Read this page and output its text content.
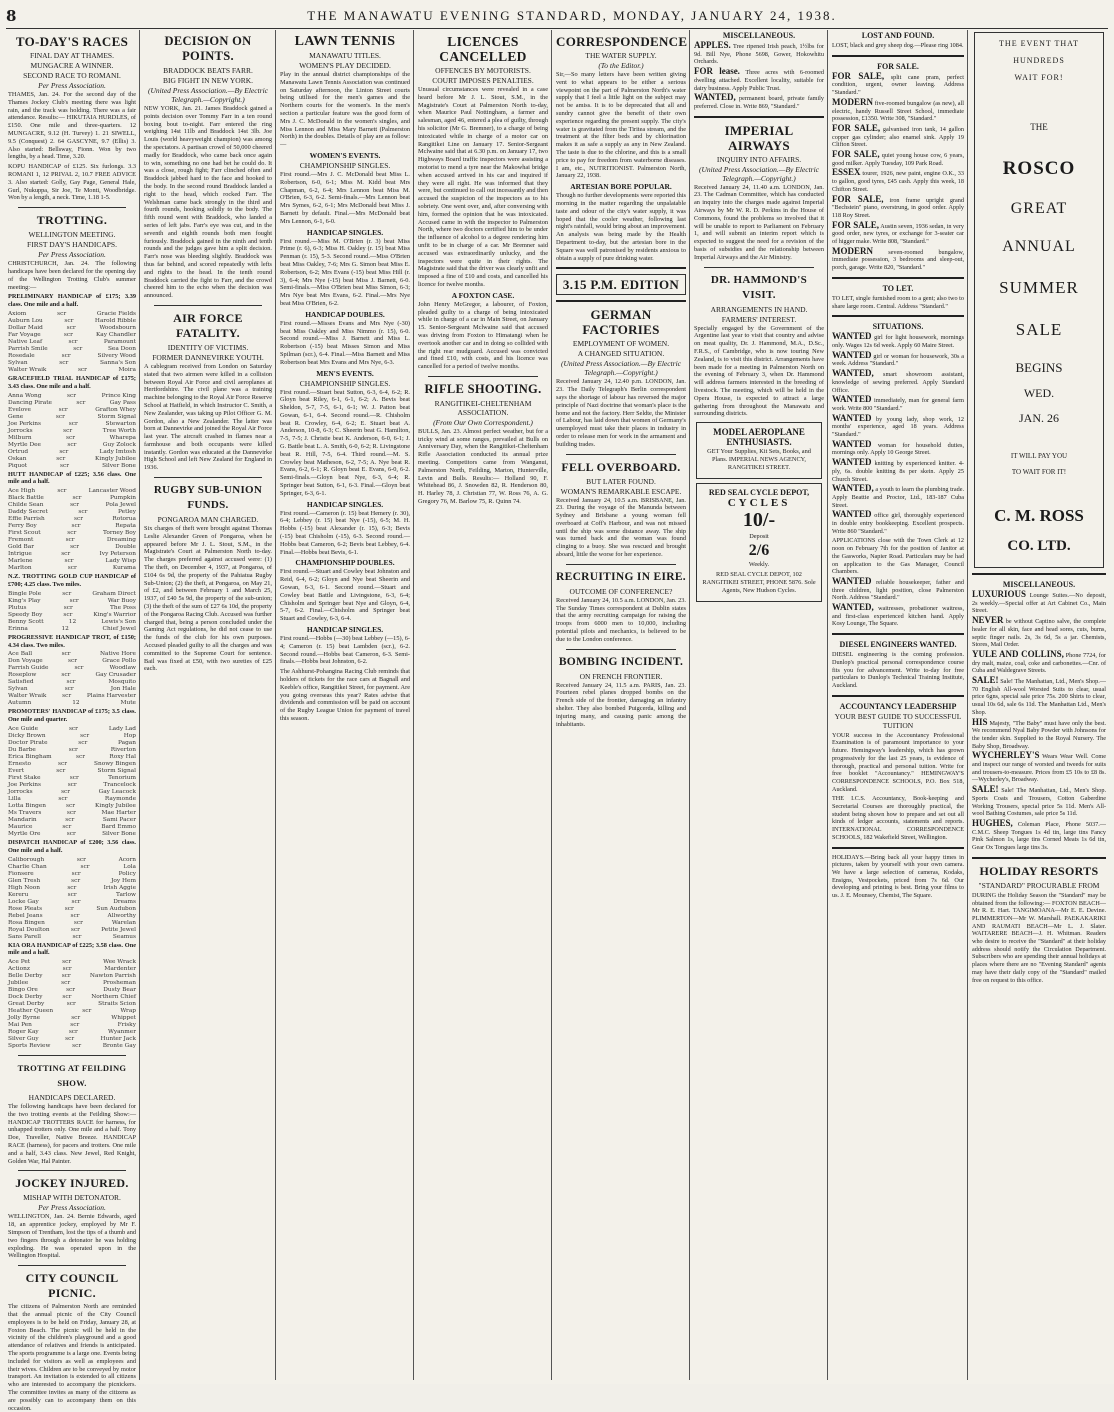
8	THE MANAWATU EVENING STANDARD, MONDAY, JANUARY 24, 1938.
TO-DAY'S RACES
FINAL DAY AT THAMES.
MUNGACRE A WINNER.
SECOND RACE TO ROMANI.
Per Press Association.
THAMES, Jan. 24. For the second day of the Thames Jockey Club's meeting there was light rain, and the track was holding. There was a fair attendance. Results:— HIKUTAIA HURDLES, of £150. One mile and three-quarters. 12 MUNGACRE, 9.12 (H. Turvey) 1. 21 SIWELL, 9.5 (Conquest) 2. 64 GASCYNE, 9.7 (Ellis) 3. Also started: Bellsway, Fionn. Won by two lengths, by a head. Time, 3.20.
KOPU HANDICAP of £125. Six furlongs. 3.3 ROMANI 1, 12 PRIVAL 2, 10.7 FREE ADVICE 3. Also started: Golly, Gay Page, General Hale, Gurl, Nukuppa, Sir Joe, Te Monti, Woodbridge. Won by a length, a neck. Time, 1.18 1-5.
TROTTING.
WELLINGTON MEETING.
FIRST DAY'S HANDICAPS.
Per Press Association.
CHRISTCHURCH, Jan. 24. The following handicaps have been declared for the opening day of the Wellington Trotting Club's summer meeting:—
PRELIMINARY HANDICAP of £175; 3.39 class. One mile and a half.
Axiom	scr	Gracie Fields
Auburn Lou	scr	Harold Ribble
Dollar Maid	scr	Woodsbourn
Far Voyage	scr	Kay Chandler
Native Leaf	scr	Paramount
Parrish Smile	scr	Sea Doon
Rosedale	scr	Silvery Wood
Sylvan	scr	Sanna's Son
Walter Wraik	scr	Moira
GRACEFIELD TRIAL HANDICAP of £175; 3.43 class. One mile and a half.
Anna Wong	scr	Prince King
Dancing Pirate	scr	Gay Pass
Evelove	scr	Grafton Whey
Gene	scr	Storm Signal
Joe Perkins	scr	Stewarton
Jorrocks	scr	Tree Worth
Milburn	scr	Wharepa
Myrtle Dee	scr	Guy Zolock
Ortrud	scr	Lady Imtosh
Oskan	scr	Kingly Jubilee
Piquot	scr	Silver Bone
HUTT HANDICAP of £225; 3.56 class. One mile and a half.
Ace High	scr	Lancaster Wood
Black Battle	scr	Pumpkin
Childe Sean	scr	Pola Jewel
Daddy Secret	scr	Petley
Effie Parrish	scr	Rotorua
Ferry Boy	scr	Repata
First Scout	scr	Torney Boy
Fremont	scr	Dreaming
Gold Bar	scr	Double
Intrigue	scr	Ivy Peterson
Marlene	scr	Lady Wisp
Marlton	scr	Kurama
N.Z. TROTTING GOLD CUP HANDICAP of £700; 4.25 class. Two miles.
Bingle Pole	scr	Graham Direct
King's Play	scr	War Buoy
Plutus	scr	The Poss
Speedy Boy	scr	King's Warrior
Benny Scott	12	Lewis's Son
Erinna	12	Chief Jewel
PROGRESSIVE HANDICAP TROT, of £150; 4.34 class. Two miles.
Ace Ball	scr	Native Hore
Don Voyage	scr	Grace Pollo
Farrish Guide	scr	Woodlaw
Roseplow	scr	Gay Crusader
Satisfied	scr	Mosquito
Sylvan	scr	Jon Hale
Walter Wraik	scr	Plains Harvester
Autumn	12	Mute
PROMOTERS' HANDICAP of £175; 3.5 class. One mile and quarter.
Ace Guide	scr	Lady Lad
Dicky Brown	scr	Hop
Doctor Pirate	scr	Pagan
Du Barbe	scr	Riverton
Erica Bingham	scr	Roxy Hal
Ernesto	scr	Snowy Bingen
Evert	scr	Storm Signal
First Stake	scr	Tenorium
Joe Perkins	scr	Trancelock
Jorrocks	scr	Gay Leacock
Lilla	scr	Raymonde
Lotta Bingen	scr	Kingly Jubilee
Ms Travers	scr	Mae Harter
Mandarin	scr	Sami Pacer
Maurice	scr	Bard Emmo
Myrtle Ore	scr	Silver Bone
DISPATCH HANDICAP of £200; 3.56 class. One mile and a half.
Caliborough	scr	Acorn
Charlie Chan	scr	Lola
Fionsere	scr	Policy
Glen Tresh	scr	Joy Hem
High Noon	scr	Irish Aggie
Kereru	scr	Tarlow
Locke Gay	scr	Dreams
Rose Pleats	scr	Sun Audubon
Rebel Jeans	scr	Allworthy
Rosa Bingen	scr	Warelan
Royal Doulton	scr	Petite Jewel
Sans Parell	scr	Seamus
KIA ORA HANDICAP of £225; 3.58 class. One mile and a half.
Ace Pet	scr	Wee Wrack
Actionz	scr	Mardenter
Belle Derby	scr	Nawton Parrish
Jubilee	scr	Prosheman
Bingo Ore	scr	Dusty Bear
Dock Derby	scr	Northern Chief
Great Derby	scr	Straits Scion
Heather Queen	scr	Wrap
Jolly Byrne	scr	Whippet
Mai Pen	scr	Frisky
Roger Kay	scr	Wyanmer
Silver Guy	scr	Hunter Jack
Sports Review	scr	Bronte Gay
TROTTING AT FEILDING SHOW.
HANDICAPS DECLARED.
The following handicaps have been declared for the two trotting events at the Feilding Show:— HANDICAP TROTTERS RACE for harness, for unhapped trotters only. One mile and a half. Tony Doe, Traveller, Native Breeze. HANDICAP RACE (harness), for pacers and trotters. One mile and a half, 3.43 class. New Jewel, Red Knight, Golden War, Hal Painter.
JOCKEY INJURED.
MISHAP WITH DETONATOR.
Per Press Association.
WELLINGTON, Jan. 24. Bernie Edwards, aged 18, an apprentice jockey, employed by Mr F. Simpson of Trentham, lost the tips of a thumb and two fingers through a detonator he was holding exploding. He was operated upon in the Wellington Hospital.
CITY COUNCIL PICNIC.
The citizens of Palmerston North are reminded that the annual picnic of the City Council employees is to be held on Friday, January 28, at Foxton Beach. The picnic will be held in the vicinity of the children's playground and a good attendance of relatives and friends is anticipated. The sports programme is a large one. Events being included for visitors as well as employees and their wives. Children are to be conveyed by motor transport. An invitation is extended to all citizens who are interested to accompany the picnickers. The committee invites as many of the citizens as are possibly can to accompany them on this occasion.
DECISION ON POINTS.
BRADDOCK BEATS FARR.
BIG FIGHT IN NEW YORK.
(United Press Association.—By Electric Telegraph.—Copyright.)
NEW YORK, Jan. 21. James Braddock gained a points decision over Tommy Farr in a ten round boxing bout to-night. Farr entered the ring weighing 14st 11lb and Braddock 14st 3lb. Joe Louis (world heavyweight champion) was among the spectators. A partisan crowd of 50,000 cheered madly for Braddock, who came back once again to win, something no one had bet he could do. It was a close, rough fight; Farr clinched often and Braddock jabbed hard to the face and hooked to the body. In the second round Braddock landed a right to the head, which rocked Farr. The Welshman came back strongly in the third and fourth rounds, hooking solidly to the body. The fifth round went with Braddock, who landed a series of left jabs. Farr's eye was cut, and in the seventh and eighth rounds both men fought furiously. Braddock gained in the ninth and tenth rounds and the judges gave him a split decision. Farr's nose was bleeding slightly. Braddock was thus far behind, and scored repeatedly with lefts and rights to the head. In the tenth round Braddock carried the fight to Farr, and the crowd cheered him to the echo when the decision was announced.
AIR FORCE FATALITY.
IDENTITY OF VICTIMS.
FORMER DANNEVIRKE YOUTH.
A cablegram received from London on Saturday stated that two airmen were killed in a collision between Royal Air Force and civil aeroplanes at Hertfordshire. The civil plane was a training machine belonging to the Royal Air Force Reserve School at Hatfield, in which Instructor C. Smith, a New Zealander, was taking up Pilot Officer G. M. Gordon, also a New Zealander. The latter was born at Dannevirke and joined the Royal Air Force last year. The aircraft crashed in flames near a farmhouse and both occupants were killed instantly. Gordon was educated at the Dannevirke High School and left New Zealand for England in 1936.
RUGBY SUB-UNION FUNDS.
PONGAROA MAN CHARGED.
Six charges of theft were brought against Thomas Leslie Alexander Green of Pongaroa, when he appeared before Mr J. L. Stout, S.M., in the Magistrate's Court at Palmerston North to-day. The charges preferred against accused were: (1) The theft, on December 4, 1937, at Pongaroa, of £104 6s 9d, the property of the Pahiatua Rugby Sub-Union; (2) the theft, at Pongaroa, on May 21, of £2, and between February 1 and March 25, 1937, of £40 5s 9d, the property of the sub-union; (3) the theft of the sum of £27 6s 10d, the property of the Pongaroa Racing Club. Accused was further charged that, being a person concluded under the Gaming Act regulations, he did not cease to use the funds of the club for his own purposes. Accused pleaded guilty to all the charges and was committed to the Supreme Court for sentence. Bail was fixed at £50, with two sureties of £25 each.
LAWN TENNIS
MANAWATU TITLES.
WOMEN'S PLAY DECIDED.
Play in the annual district championships of the Manawatu Lawn Tennis Association was continued on Saturday afternoon, the Linton Street courts being utilised for the men's games and the Northern courts for the women's. In the men's section a particular feature was the good form of Mrs J. C. McDonald in the women's singles, and Miss Lennon and Miss Mary Barnett (Palmerston North) in the doubles. Details of play are as follow:—
WOMEN'S EVENTS.
CHAMPIONSHIP SINGLES.
First round.—Mrs J. C. McDonald beat Miss L. Robertson, 6-0, 6-1; Miss M. Kidd beat Mrs Chapman, 6-2, 6-4; Mrs Lennon beat Miss M. O'Brien, 6-3, 6-2. Semi-finals.—Mrs Lennon beat Mrs Symes, 6-2, 6-1; Mrs McDonald beat Miss J. Barnett by default. Final.—Mrs McDonald beat Mrs Lennon, 6-1, 6-0.
HANDICAP SINGLES.
First round.—Miss M. O'Brien (r. 3) beat Miss Prime (r. 6), 6-3; Miss H. Oakley (r. 15) beat Miss Penman (r. 15), 5-3. Second round.—Miss O'Brien beat Miss Oakley, 7-6; Mrs G. Simon beat Miss E. Robertson, 6-2; Mrs Evans (-15) beat Miss Hill (r. 3), 6-4; Mrs Nye (-15) beat Miss J. Barnett, 6-0. Semi-finals.—Miss O'Brien beat Miss Simon, 6-3; Mrs Nye beat Mrs Evans, 6-2. Final.—Mrs Nye beat Miss O'Brien, 6-2.
HANDICAP DOUBLES.
First round.—Misses Evans and Mrs Nye (-30) beat Miss Oakley and Miss Nimmo (r. 15), 6-0. Second round.—Miss J. Barnett and Miss L. Robertson (-15) beat Misses Simon and Miss Spilman (scr.), 6-4. Final.—Miss Barnett and Miss Robertson beat Mrs Evans and Mrs Nye, 6-3.
MEN'S EVENTS.
CHAMPIONSHIP SINGLES.
First round.—Stuart beat Sutton, 6-3, 6-4, 6-2; R. Gloyn beat Riley, 6-1, 6-1, 6-2; A. Bevis beat Sheldon, 5-7, 7-5, 6-1, 6-1; W. J. Patton beat Gowan, 6-1, 6-4. Second round.—R. Chisholm beat R. Crowley, 6-4, 6-2; E. Stuart beat A. Anderson, 10-8, 6-3; C. Sheerin beat G. Hamilton, 7-5, 7-5; J. Christie beat K. Anderson, 6-0, 6-1; J. G. Battle beat L. A. Smith, 6-0, 6-2; R. Livingstone beat R. Hill, 7-5, 6-4. Third round.—M. S. Crowley beat Matheson, 6-2, 7-5; A. Nye beat R. Evans, 6-2, 6-1; R. Gloyn beat E. Evans, 6-0, 6-2. Semi-finals.—Gloyn beat Nye, 6-3, 6-4; R. Springer beat Sutton, 6-1, 6-3. Final.—Gloyn beat Springer, 6-3, 6-1.
HANDICAP SINGLES.
First round.—Cameron (r. 15) beat Hemery (r. 30), 6-4; Lebbey (r. 15) beat Nye (-15), 6-5; M. H. Hobbs (-15) beat Alexander (r. 15), 6-3; Bevis (-15) beat Chisholm (-15), 6-3. Second round.—Hobbs beat Cameron, 6-2; Bevis beat Lebbey, 6-4. Final.—Hobbs beat Bevis, 6-1.
CHAMPIONSHIP DOUBLES.
First round.—Stuart and Cowley beat Johnston and Reid, 6-4, 6-2; Gloyn and Nye beat Sheerin and Gowan, 6-3, 6-1. Second round.—Stuart and Cowley beat Battle and Livingstone, 6-3, 6-4; Chisholm and Springer beat Nye and Gloyn, 6-4, 5-7, 6-2. Final.—Chisholm and Springer beat Stuart and Cowley, 6-3, 6-4.
HANDICAP SINGLES.
First round.—Hobbs (—30) beat Lebbey (—15), 6-4; Cameron (r. 15) beat Lambden (scr.), 6-2. Second round.—Hobbs beat Cameron, 6-3. Semi-finals.—Hobbs beat Johnston, 6-2.
The Ashhurst-Pohangina Racing Club reminds that holders of tickets for the race cars at Bagnall and Keeble's office, Rangitikei Street, for payment. Are you going overseas this year? Rates advise that dividends and commission will be paid on account of the Rugby League Union for payment of travel this season.
LICENCES CANCELLED
OFFENCES BY MOTORISTS.
COURT IMPOSES PENALTIES.
Unusual circumstances were revealed in a case heard before Mr J. L. Stout, S.M., in the Magistrate's Court at Palmerston North to-day, when Maurice Paul Nottingham, a farmer and salesman, aged 46, entered a plea of guilty, through his solicitor (Mr G. Bremner), to a charge of being intoxicated while in charge of a motor car on Rangitikei Line on January 17. Senior-Sergeant Mclwaine said that at 6.30 p.m. on January 17, two Highways Board traffic inspectors were assisting a motorist to mend a tyre near the Makowhai bridge when accused arrived in his car and inquired if they were all right. He was informed that they were, but continued to call out incessantly and then accused the suspicion of the inspectors as to his sobriety. One went over, and, after conversing with him, formed the opinion that he was intoxicated. Accused came in with the inspector to Palmerston North, where two doctors certified him to be under the influence of alcohol to a degree rendering him unfit to be in charge of a car. Mr Bremner said accused was extraordinarily unlucky, and the inspectors were quite in their rights. The Magistrate said that the driver was clearly unfit and imposed a fine of £10 and costs, and cancelled his licence for twelve months.
A FOXTON CASE.
John Henry McGregor, a labourer, of Foxton, pleaded guilty to a charge of being intoxicated while in charge of a car in Main Street, on January 15. Senior-Sergeant Mclwaine said that accused was driving from Foxton to Himatangi when he overtook another car and in doing so collided with the right rear mudguard. Accused was convicted and fined £10, with costs, and his licence was cancelled for a period of twelve months.
RIFLE SHOOTING.
RANGITIKEI-CHELTENHAM ASSOCIATION.
(From Our Own Correspondent.)
BULLS, Jan. 23. Almost perfect weather, but for a tricky wind at some ranges, prevailed at Bulls on Anniversary Day, when the Rangitikei-Cheltenham Rifle Association conducted its annual prize meeting. Competitors came from Wanganui, Palmerston North, Feilding, Marton, Hunterville, Levin and Bulls. Results:— Holland 90, F. Whitehead 86, J. Snowden 82, R. Henderson 80, H. Harley 78, J. Christian 77, W. Ross 76, A. G. Gregory 76, M. Barlow 75, R. Quinn 74.
CORRESPONDENCE
THE WATER SUPPLY.
(To the Editor.)
Sir,—So many letters have been written giving vent to what appears to be either a serious viewpoint on the part of Palmerston North's water supply that I feel a little light on the subject may not be amiss. It is to be deprecated that all and sundry cannot give the benefit of their own experience regarding the present supply. The city's water is gravitated from the Tiritea stream, and the treatment at the filter beds and by chlorination makes it as safe a supply as any in New Zealand. The taste is due to the chlorine, and this is a small price to pay for freedom from waterborne diseases. I am, etc., NUTRITIONIST. Palmerston North, January 22, 1938.
ARTESIAN BORE POPULAR.
Though no further developments were reported this morning in the matter regarding the unpalatable taste and odour of the city's water supply, it was hoped that the cooler weather, following last night's rainfall, would bring about an improvement. An analysis was being made by the Health Department to-day, but the artesian bore in the Square was well patronised by residents anxious to obtain a supply of pure drinking water.
3.15 P.M. EDITION
GERMAN FACTORIES
EMPLOYMENT OF WOMEN.
A CHANGED SITUATION.
(United Press Association.—By Electric Telegraph.—Copyright.)
Received January 24, 12.40 p.m. LONDON, Jan. 23. The Daily Telegraph's Berlin correspondent says the shortage of labour has reversed the major principle of Nazi doctrine that woman's place is the home and not the factory. Herr Seldte, the Minister of Labour, has laid down that women of Germany's unemployed must take their places in industry in order to release men for work in the armament and building trades.
FELL OVERBOARD.
BUT LATER FOUND.
WOMAN'S REMARKABLE ESCAPE.
Received January 24, 10.5 a.m. BRISBANE, Jan. 23. During the voyage of the Manunda between Sydney and Brisbane a young woman fell overboard at Coff's Harbour, and was not missed until the ship was some distance away. The ship was turned back and the woman was found clinging to a buoy. She was rescued and brought aboard, little the worse for her experience.
RECRUITING IN EIRE.
OUTCOME OF CONFERENCE?
Received January 24, 10.5 a.m. LONDON, Jan. 23. The Sunday Times correspondent at Dublin states that the army recruiting campaign for raising the troops from 6000 men to 10,000, including potential pilots and mechanics, is believed to be due to the London conference.
BOMBING INCIDENT.
ON FRENCH FRONTIER.
Received January 24, 11.5 a.m. PARIS, Jan. 23. Fourteen rebel planes dropped bombs on the French side of the frontier, damaging an infantry shelter. They also bombed Puigcerda, killing and injuring many, and causing panic among the inhabitants.
MISCELLANEOUS.
APPLES. Tree ripened Irish peach, 1½lbs for 9d. Bill Nye, Phone 5698, Gower, Hokowhitu Orchards.
FOR lease. Three acres with 6-roomed dwelling attached. Excellent locality, suitable for dairy business. Apply Public Trust.
WANTED, permanent board, private family preferred. Close in. Write 869, "Standard."
IMPERIAL AIRWAYS
INQUIRY INTO AFFAIRS.
(United Press Association.—By Electric Telegraph.—Copyright.)
Received January 24, 11.40 a.m. LONDON, Jan. 23. The Cadman Committee, which has conducted an inquiry into the charges made against Imperial Airways by Mr W. R. D. Perkins in the House of Commons, found the problems so involved that it will be unable to report to Parliament on February 1, and will submit an interim report which is expected to suggest the need for a revision of the basis of subsidies and the relationship between Imperial Airways and the Air Ministry.
DR. HAMMOND'S VISIT.
ARRANGEMENTS IN HAND.
FARMERS' INTEREST.
Specially engaged by the Government of the Argentine last year to visit that country and advise on meat quality, Dr. J. Hammond, M.A., D.Sc., F.R.S., of Cambridge, who is now touring New Zealand, is to visit this district. Arrangements have been made for a meeting in Palmerston North on the evening of February 3, when Dr. Hammond will address farmers interested in the breeding of livestock. The meeting, which will be held in the Opera House, is expected to attract a large gathering from throughout the Manawatu and surrounding districts.
MODEL AEROPLANE ENTHUSIASTS.
GET Your Supplies, Kit Sets, Books, and Plans. IMPERIAL NEWS AGENCY, RANGITIKEI STREET.
RED SEAL CYCLE DEPOT,
CYCLES
10/-
Deposit
2/6
Weekly.
RED SEAL CYCLE DEPOT, 102 RANGITIKEI STREET, PHONE 5876. Sole Agents, New Hudson Cycles.
LOST AND FOUND.
LOST, black and grey sheep dog.—Please ring 1084.
FOR SALE.
FOR SALE, split cane pram, perfect condition, urgent, owner leaving. Address "Standard."
MODERN five-roomed bungalow (as new), all electric, handy Russell Street School, immediate possession, £1350. Write 308, "Standard."
FOR SALE, galvanised iron tank, 14 gallon copper gas cylinder; also enamel sink. Apply 19 Clifton Street.
FOR SALE, quiet young house cow, 6 years, good milker. Apply Tuesday, 109 Park Road.
ESSEX tourer, 1926, new paint, engine O.K., 33 to gallon, good tyres, £45 cash. Apply this week, 18 Chifton Street.
FOR SALE, iron frame upright grand "Bechstein" piano, overstrung, in good order. Apply 118 Roy Street.
FOR SALE, Austin seven, 1936 sedan, in very good order, new tyres, or exchange for 3-seater car of higger make. Write 808, "Standard."
MODERN seven-roomed bungalow, immediate possession, 3 bedrooms and sleep-out, porch, garage. Write 820, "Standard."
TO LET.
TO LET, single furnished room to a gent; also two to share large room. Central. Address "Standard."
SITUATIONS.
WANTED girl for light housework, mornings only. Wages 12s 6d week. Apply 60 Maire Street.
WANTED girl or woman for housework, 30s a week. Address "Standard."
WANTED, smart showroom assistant, knowledge of sewing preferred. Apply Standard Office.
WANTED immediately, man for general farm work. Write 800 "Standard."
WANTED by young lady, shop work, 12 months' experience, aged 18 years. Address "Standard."
WANTED woman for household duties, mornings only. Apply 10 George Street.
WANTED knitting by experienced knitter. 4-ply, 6s. double knitting 8s per skein. Apply 25 Church Street.
WANTED, a youth to learn the plumbing trade. Apply Beattie and Proctor, Ltd., 183-187 Cuba Street.
WANTED office girl, thoroughly experienced in double entry bookkeeping. Excellent prospects. Write 860 "Standard."
APPLICATIONS close with the Town Clerk at 12 noon on February 7th for the position of Janitor at the Gasworks, Napier Road. Particulars may be had on application to the Gas Manager, Council Chambers.
WANTED reliable housekeeper, father and three children, light position, close Palmerston North. Address "Standard."
WANTED, waitresses, probationer waitress, and first-class experienced kitchen hand. Apply Kosy Lounge, The Square.
DIESEL ENGINEERS WANTED.
DIESEL engineering is the coming profession. Dunlop's practical personal correspondence course fits you for advancement. Write to-day for free particulars to Dunlop's Technical Training Institute, Auckland.
ACCOUNTANCY LEADERSHIP
YOUR BEST GUIDE TO SUCCESSFUL TUITION
YOUR success in the Accountancy Professional Examination is of paramount importance to your future. Hemingway's leadership, which has grown progressively for the last 25 years, is evidence of thorough, practical and personal tuition. Write for free booklet "Accountancy." HEMINGWAY'S CORRESPONDENCE SCHOOLS, P.O. Box 518, Auckland.
THE I.C.S. Accountancy, Book-keeping and Secretarial Courses are thoroughly practical, the student being shown how to prepare and set out all kinds of ledger accounts, statements and reports. INTERNATIONAL CORRESPONDENCE SCHOOLS, 182 Wakefield Street, Wellington.
HOLIDAYS.—Bring back all your happy times in pictures, taken by yourself with your own camera. We have a large selection of cameras, Kodaks, Ensigns, Vestpockets, priced from 7s 6d. Our developing and printing is best. Bring your films to us. J. E. Mounsey, Chemist, The Square.
THE EVENT THAT
HUNDREDS
WAIT FOR!
THE
ROSCO
GREAT
ANNUAL
SUMMER
SALE
BEGINS
WED.
JAN. 26
IT WILL PAY YOU
TO WAIT FOR IT!
C. M. ROSS
CO. LTD.
MISCELLANEOUS.
LUXURIOUS Lounge Suites.—No deposit, 2s weekly.—Special offer at Art Cabinet Co., Main Street.
NEVER be without Captino salve, the complete healer for all skin, face and head sores, cuts, burns, septic finger nails. 2s, 3s 6d, 5s a jar. Chemists, Stores, Mail Order.
YULE AND COLLINS, Phone 7724, for dry malt, maize, coal, coke and carbonettes.—Cnr. of Cuba and Waldegrave Streets.
SALE! Sale! The Manhattan, Ltd., Men's Shop.—70 English All-wool Worsted Suits to clear, usual price 6gns, special sale price 75s. 200 Shirts to clear, usual 10s 6d, sale 6s 11d. The Manhattan Ltd., Men's Shop.
HIS Majesty, "The Baby" must have only the best. We recommend Nyal Baby Powder with Johnsons for the tender skin. Supplied to the Royal Nursery. The Baby Shop, Broadway.
WYCHERLEY'S Wears Wear Well. Come and inspect our range of worsted and tweeds for suits and trousers-to-measure. Prices from £5 10s to £8 8s.—Wycherley's, Broadway.
SALE! Sale! The Manhattan, Ltd., Men's Shop. Sports Coats and Trousers, Cotton Gaberdine Working Trousers, special price 5s 11d. Men's All-wool Bathing Costumes, sale price 5s 11d.
HUGHES, Coleman Place, Phone 5037.—C.M.C. Sheep Tongues 1s 4d tin, large tins Fancy Pink Salmon 1s, large tins Corned Meats 1s 6d tin, Gear Ox Tongues large tins 3s.
HOLIDAY RESORTS
"STANDARD" PROCURABLE FROM
DURING the Holiday Season the "Standard" may be obtained from the following:— FOXTON BEACH—Mr R. E. Hart. TANGIMOANA—Mr E. E. Devine. PLIMMERTON—Mr W. Marshall. PAEKAKARIKI AND RAUMATI BEACH—Mr L. J. Slater. WAITARERE BEACH—J. H. Whitman. Readers who desire to receive the "Standard" at their holiday address should notify the Circulation Department. Subscribers who are spending their annual holidays at places where there are no "Evening Standard" agents may have their daily copy of the "Standard" mailed free on request to this office.
